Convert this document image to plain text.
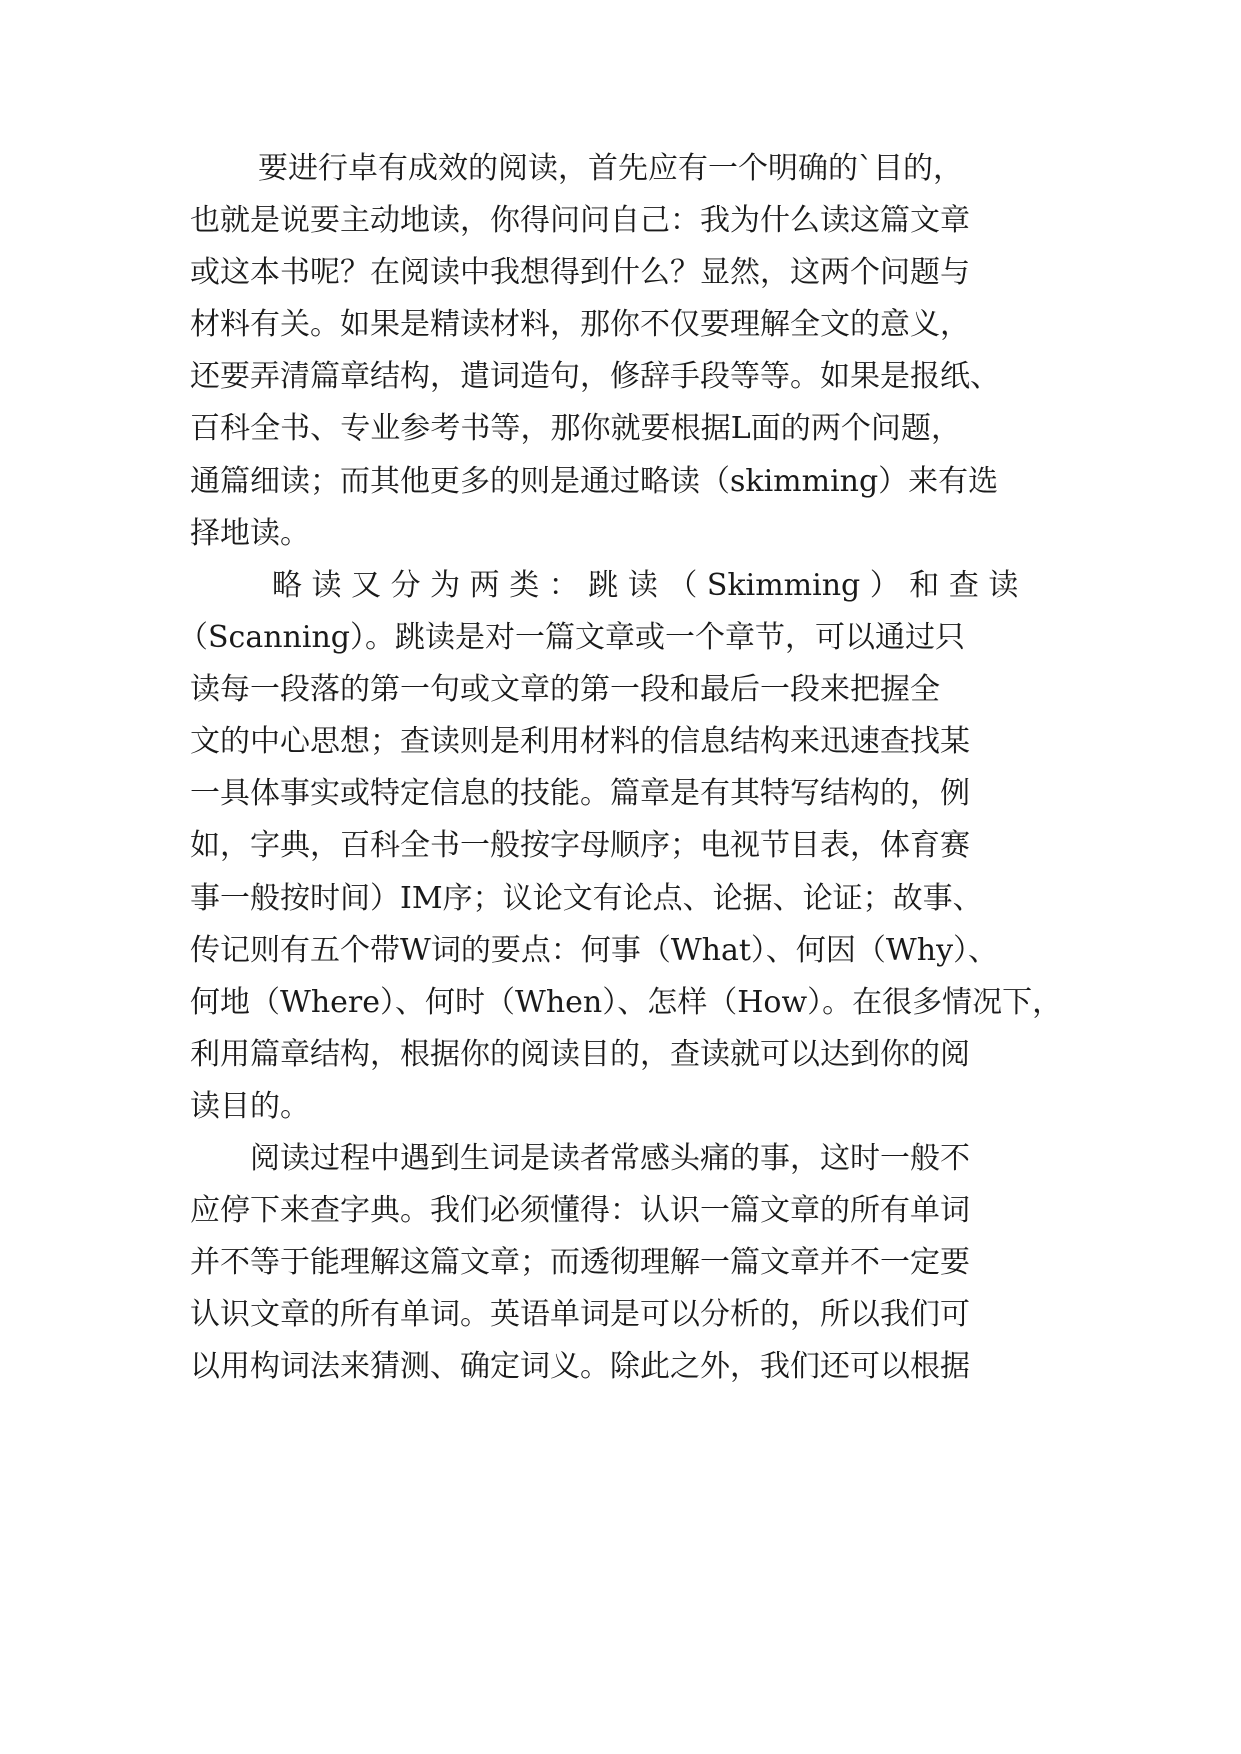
要进行卓有成效的阅读，首先应有一个明确的`目的，
也就是说要主动地读，你得问问自己：我为什么读这篇文章
或这本书呢？在阅读中我想得到什么？显然，这两个问题与
材料有关。如果是精读材料，那你不仅要理解全文的意义，
还要弄清篇章结构，遣词造句，修辞手段等等。如果是报纸、
百科全书、专业参考书等，那你就要根据L面的两个问题，
通篇细读；而其他更多的则是通过略读（skimming）来有选
择地读。
略 读 又 分 为 两 类 ： 跳 读 （ Skimming ） 和 查 读
（Scanning）。跳读是对一篇文章或一个章节，可以通过只
读每一段落的第一句或文章的第一段和最后一段来把握全
文的中心思想；查读则是利用材料的信息结构来迅速查找某
一具体事实或特定信息的技能。篇章是有其特写结构的，例
如，字典，百科全书一般按字母顺序；电视节目表，体育赛
事一般按时间）IM序；议论文有论点、论据、论证；故事、
传记则有五个带W词的要点：何事（What）、何因（Why）、
何地（Where）、何时（When）、怎样（How）。在很多情况下，
利用篇章结构，根据你的阅读目的，查读就可以达到你的阅
读目的。
阅读过程中遇到生词是读者常感头痛的事，这时一般不
应停下来查字典。我们必须懂得：认识一篇文章的所有单词
并不等于能理解这篇文章；而透彻理解一篇文章并不一定要
认识文章的所有单词。英语单词是可以分析的，所以我们可
以用构词法来猜测、确定词义。除此之外，我们还可以根据
